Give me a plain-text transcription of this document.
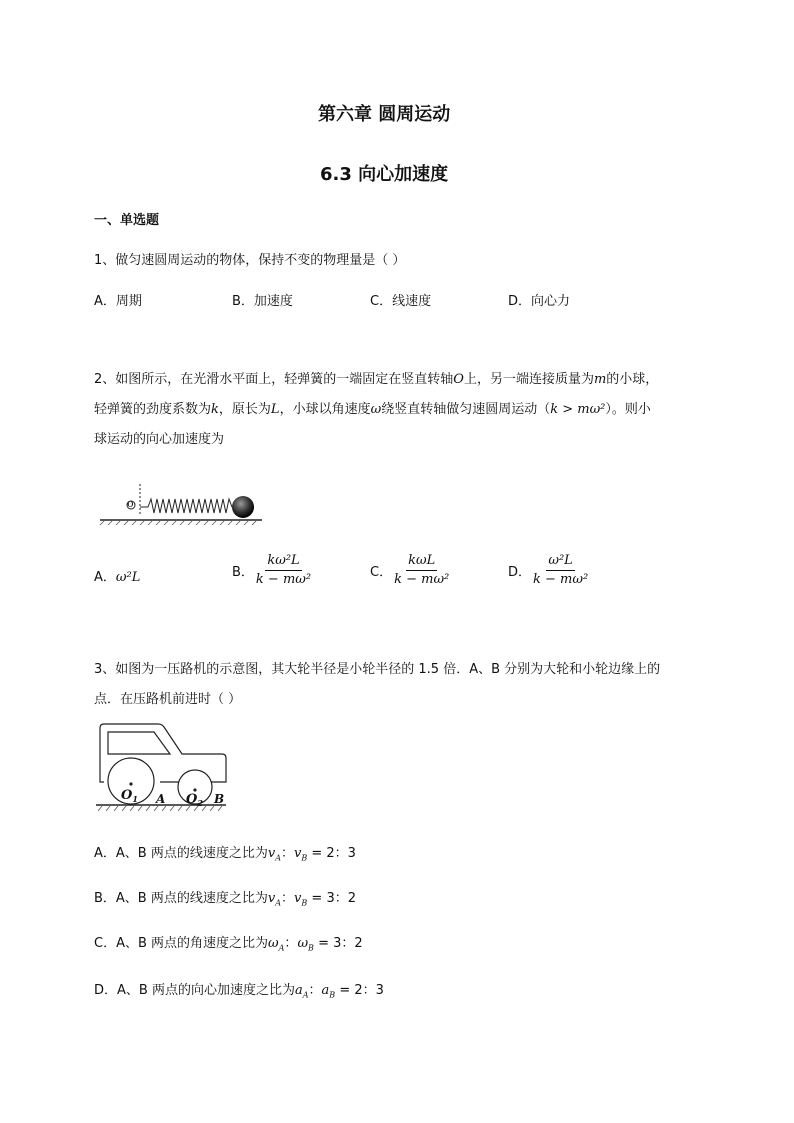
第六章 圆周运动
6.3 向心加速度
一、单选题
1、做匀速圆周运动的物体，保持不变的物理量是（ ）
A．周期	B．加速度	C．线速度	D．向心力
2、如图所示，在光滑水平面上，轻弹簧的一端固定在竖直转轴O上，另一端连接质量为m的小球，
轻弹簧的劲度系数为k，原长为L，小球以角速度ω绕竖直转轴做匀速圆周运动（k > mω²）。则小
球运动的向心加速度为
o
A．ω²L	B． $\frac{\text{kω²L}}{\text{k − mω²}}$	C． $\frac{\text{kωL}}{\text{k − mω²}}$	D． $\frac{\text{ω²L}}{\text{k − mω²}}$
3、如图为一压路机的示意图，其大轮半径是小轮半径的 1.5 倍．A、B 分别为大轮和小轮边缘上的
点．在压路机前进时（ ）
$O_1$ A $O_2$ B
A．A、B 两点的线速度之比为$v_A$：$v_B = 2$：3
B．A、B 两点的线速度之比为$v_A$：$v_B = 3$：2
C．A、B 两点的角速度之比为$\omega_A$：$\omega_B = 3$：2
D．A、B 两点的向心加速度之比为$a_A$：$a_B = 2$：3
